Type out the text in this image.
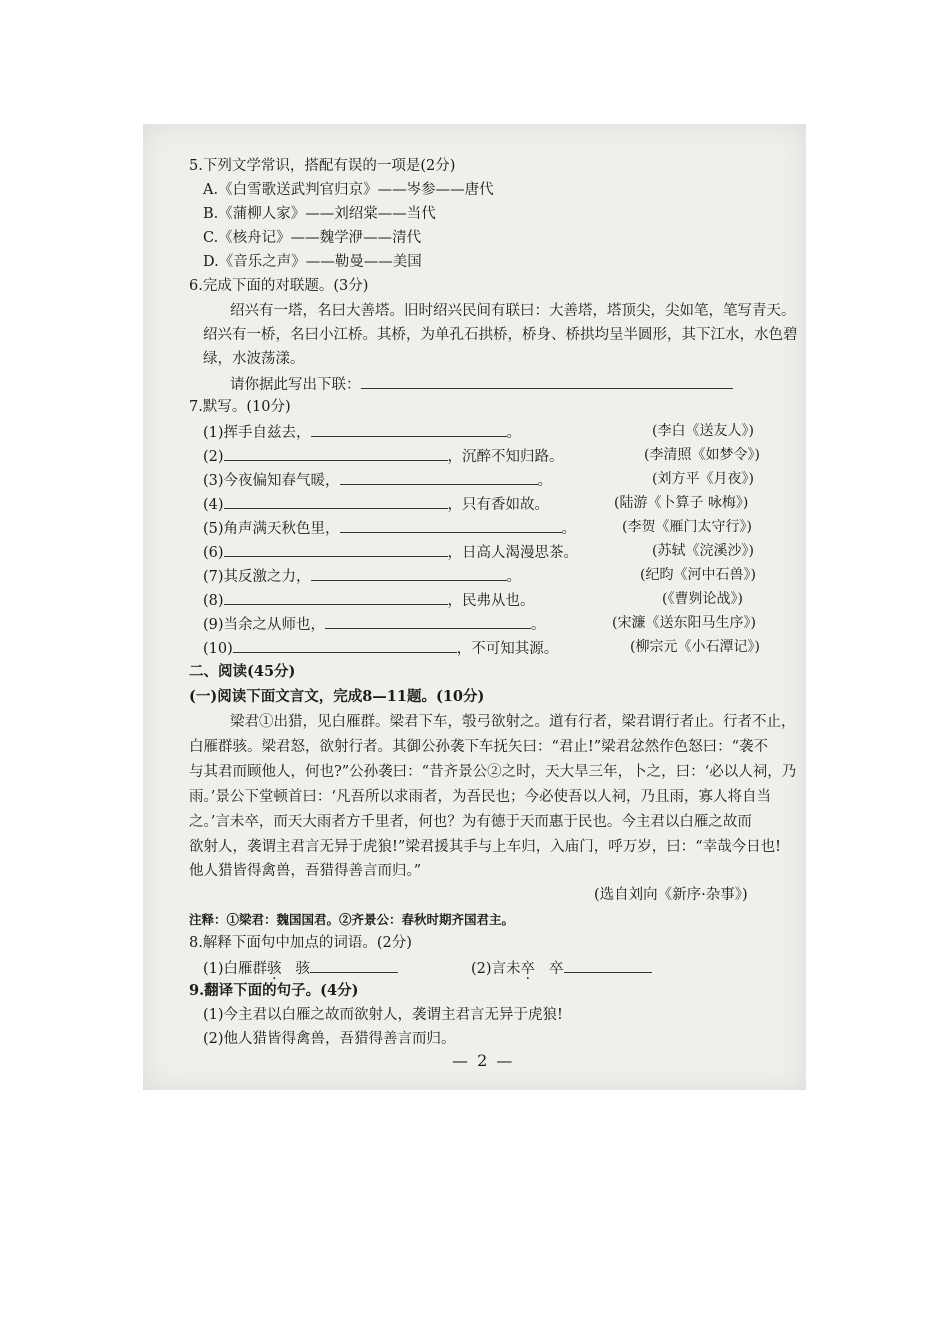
5.下列文学常识，搭配有误的一项是(2分)
A.《白雪歌送武判官归京》——岑参——唐代
B.《蒲柳人家》——刘绍棠——当代
C.《核舟记》——魏学洢——清代
D.《音乐之声》——勒曼——美国
6.完成下面的对联题。(3分)
绍兴有一塔，名曰大善塔。旧时绍兴民间有联曰：大善塔，塔顶尖，尖如笔，笔写青天。
绍兴有一桥，名曰小江桥。其桥，为单孔石拱桥，桥身、桥拱均呈半圆形，其下江水，水色碧
绿，水波荡漾。
请你据此写出下联：
7.默写。(10分)
(1)挥手自兹去，	。	(李白《送友人》)
(2)	，沉醉不知归路。	(李清照《如梦令》)
(3)今夜偏知春气暖，	。	(刘方平《月夜》)
(4)	，只有香如故。	(陆游《卜算子 咏梅》)
(5)角声满天秋色里，	。	(李贺《雁门太守行》)
(6)	，日高人渴漫思茶。	(苏轼《浣溪沙》)
(7)其反激之力，	。	(纪昀《河中石兽》)
(8)	，民弗从也。	(《曹刿论战》)
(9)当余之从师也，	。	(宋濂《送东阳马生序》)
(10)	，不可知其源。	(柳宗元《小石潭记》)
二、阅读(45分)
(一)阅读下面文言文，完成8—11题。(10分)
梁君①出猎，见白雁群。梁君下车，彀弓欲射之。道有行者，梁君谓行者止。行者不止，
白雁群骇。梁君怒，欲射行者。其御公孙袭下车抚矢曰：“君止!”梁君忿然作色怒曰：“袭不
与其君而顾他人，何也?”公孙袭曰：“昔齐景公②之时，天大旱三年，卜之，曰：‘必以人祠，乃
雨。’景公下堂顿首曰：‘凡吾所以求雨者，为吾民也；今必使吾以人祠，乃且雨，寡人将自当
之。’言未卒，而天大雨者方千里者，何也？为有德于天而惠于民也。今主君以白雁之故而
欲射人，袭谓主君言无异于虎狼!”梁君援其手与上车归，入庙门，呼万岁，曰：“幸哉今日也!
他人猎皆得禽兽，吾猎得善言而归。”
(选自刘向《新序·杂事》)
注释：①梁君：魏国国君。②齐景公：春秋时期齐国君主。
8.解释下面句中加点的词语。(2分)
(1)白雁群骇 骇	(2)言未卒 卒
9.翻译下面的句子。(4分)
(1)今主君以白雁之故而欲射人，袭谓主君言无异于虎狼!
(2)他人猎皆得禽兽，吾猎得善言而归。
— 2 —
